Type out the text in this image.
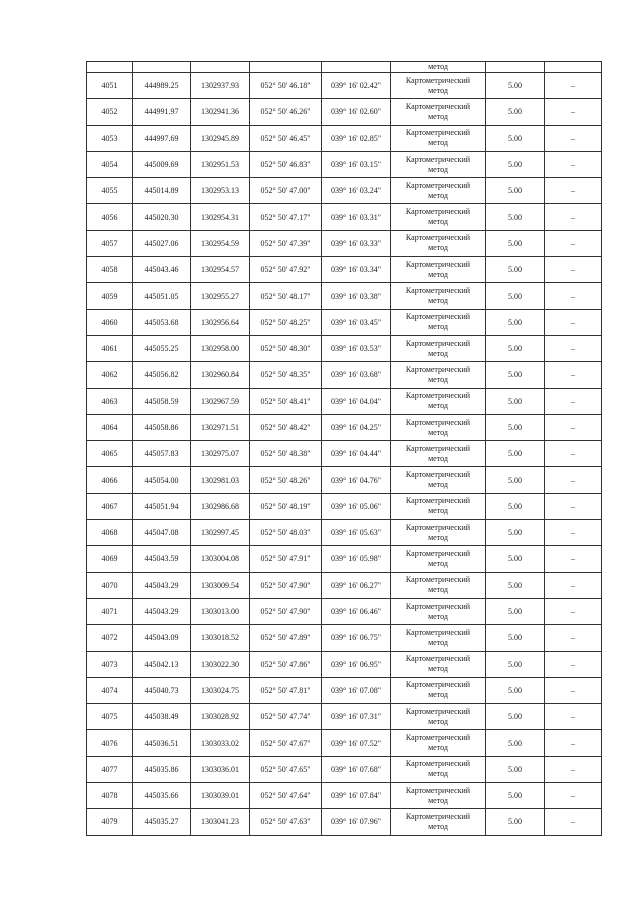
					метод		
4051	444989.25	1302937.93	052° 50' 46.18"	039° 16' 02.42"	Картометрический
метод	5.00	–
4052	444991.97	1302941.36	052° 50' 46.26"	039° 16' 02.60"	Картометрический
метод	5.00	–
4053	444997.69	1302945.89	052° 50' 46.45"	039° 16' 02.85"	Картометрический
метод	5.00	–
4054	445009.69	1302951.53	052° 50' 46.83"	039° 16' 03.15"	Картометрический
метод	5.00	–
4055	445014.89	1302953.13	052° 50' 47.00"	039° 16' 03.24"	Картометрический
метод	5.00	–
4056	445020.30	1302954.31	052° 50' 47.17"	039° 16' 03.31"	Картометрический
метод	5.00	–
4057	445027.06	1302954.59	052° 50' 47.39"	039° 16' 03.33"	Картометрический
метод	5.00	–
4058	445043.46	1302954.57	052° 50' 47.92"	039° 16' 03.34"	Картометрический
метод	5.00	–
4059	445051.05	1302955.27	052° 50' 48.17"	039° 16' 03.38"	Картометрический
метод	5.00	–
4060	445053.68	1302956.64	052° 50' 48.25"	039° 16' 03.45"	Картометрический
метод	5.00	–
4061	445055.25	1302958.00	052° 50' 48.30"	039° 16' 03.53"	Картометрический
метод	5.00	–
4062	445056.82	1302960.84	052° 50' 48.35"	039° 16' 03.68"	Картометрический
метод	5.00	–
4063	445058.59	1302967.59	052° 50' 48.41"	039° 16' 04.04"	Картометрический
метод	5.00	–
4064	445058.86	1302971.51	052° 50' 48.42"	039° 16' 04.25"	Картометрический
метод	5.00	–
4065	445057.83	1302975.07	052° 50' 48.38"	039° 16' 04.44"	Картометрический
метод	5.00	–
4066	445054.00	1302981.03	052° 50' 48.26"	039° 16' 04.76"	Картометрический
метод	5.00	–
4067	445051.94	1302986.68	052° 50' 48.19"	039° 16' 05.06"	Картометрический
метод	5.00	–
4068	445047.08	1302997.45	052° 50' 48.03"	039° 16' 05.63"	Картометрический
метод	5.00	–
4069	445043.59	1303004.08	052° 50' 47.91"	039° 16' 05.98"	Картометрический
метод	5.00	–
4070	445043.29	1303009.54	052° 50' 47.90"	039° 16' 06.27"	Картометрический
метод	5.00	–
4071	445043.29	1303013.00	052° 50' 47.90"	039° 16' 06.46"	Картометрический
метод	5.00	–
4072	445043.09	1303018.52	052° 50' 47.89"	039° 16' 06.75"	Картометрический
метод	5.00	–
4073	445042.13	1303022.30	052° 50' 47.86"	039° 16' 06.95"	Картометрический
метод	5.00	–
4074	445040.73	1303024.75	052° 50' 47.81"	039° 16' 07.08"	Картометрический
метод	5.00	–
4075	445038.49	1303028.92	052° 50' 47.74"	039° 16' 07.31"	Картометрический
метод	5.00	–
4076	445036.51	1303033.02	052° 50' 47.67"	039° 16' 07.52"	Картометрический
метод	5.00	–
4077	445035.86	1303036.01	052° 50' 47.65"	039° 16' 07.68"	Картометрический
метод	5.00	–
4078	445035.66	1303039.01	052° 50' 47.64"	039° 16' 07.84"	Картометрический
метод	5.00	–
4079	445035.27	1303041.23	052° 50' 47.63"	039° 16' 07.96"	Картометрический
метод	5.00	–
